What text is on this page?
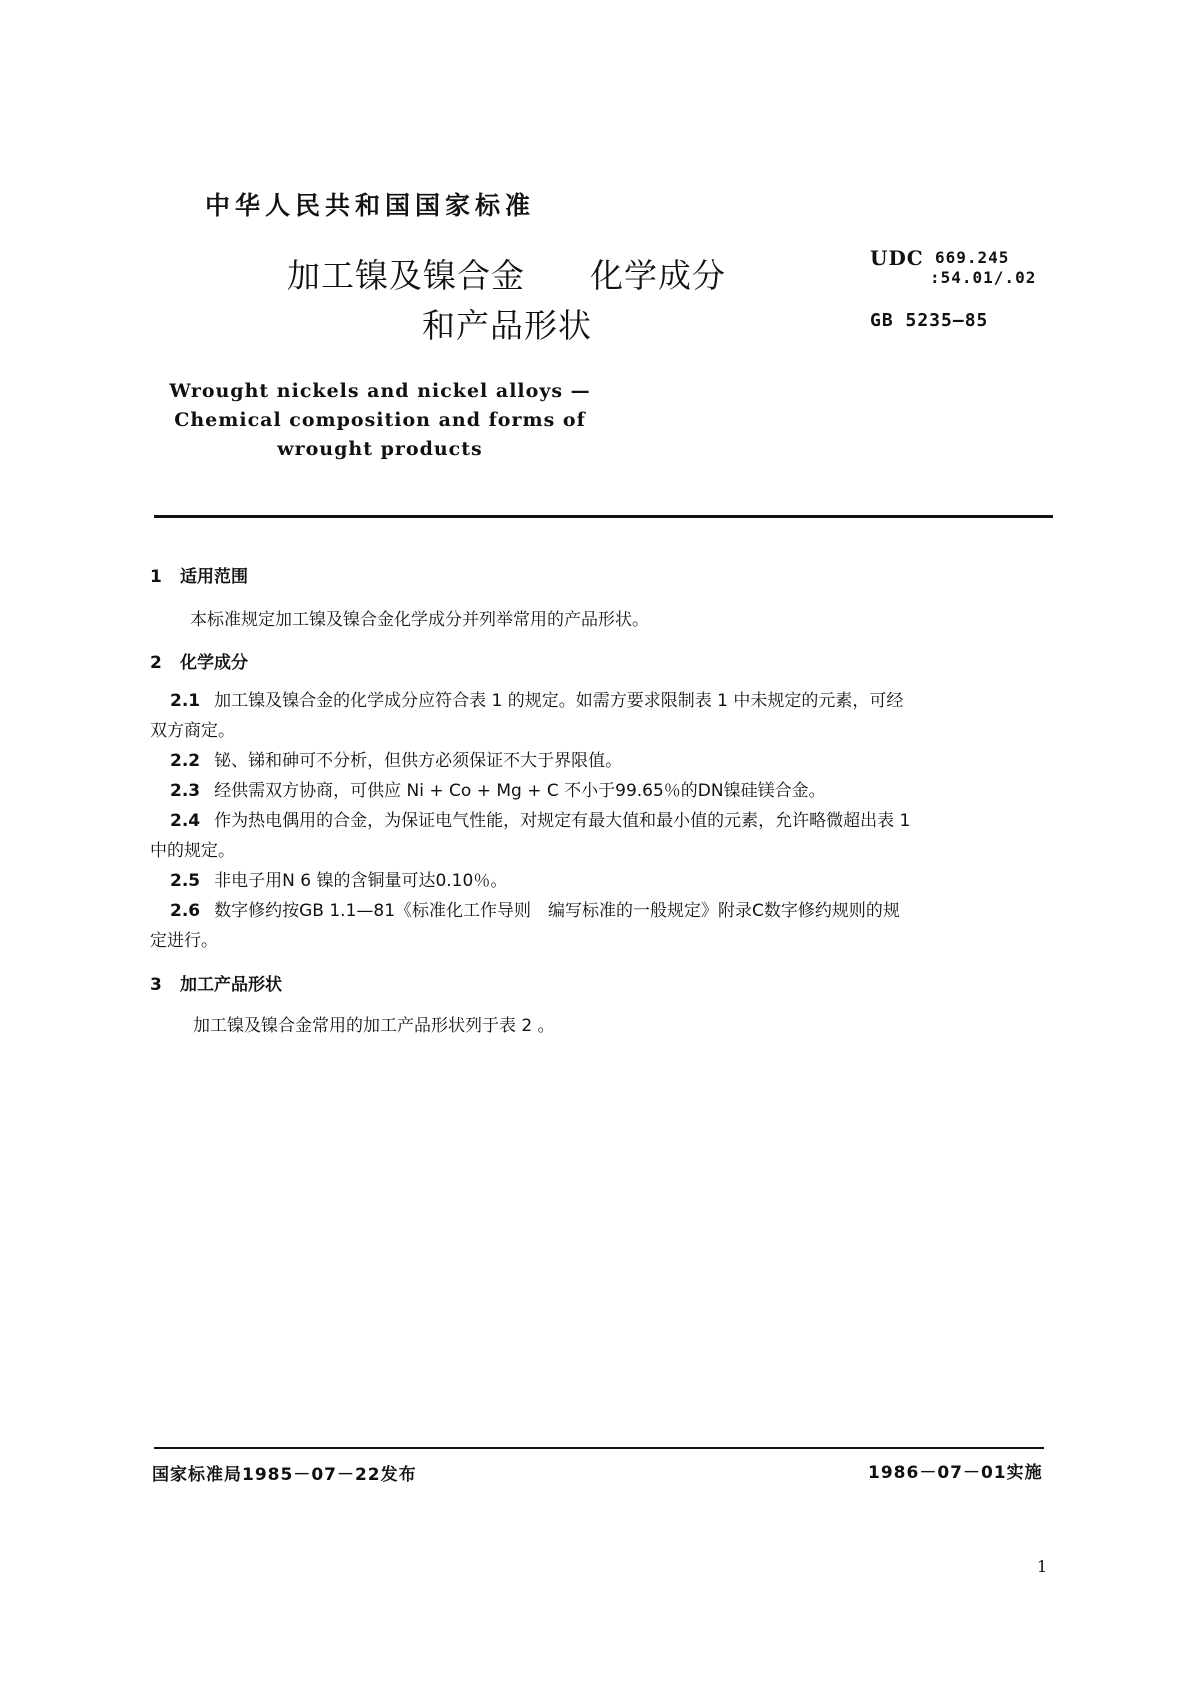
中华人民共和国国家标准
加工镍及镍合金 化学成分
和产品形状
Wrought nickels and nickel alloys —
Chemical composition and forms of
wrought products
UDC 669.245
:54.01/.02
GB 5235—85
1 适用范围
本标准规定加工镍及镍合金化学成分并列举常用的产品形状。
2 化学成分
2.1 加工镍及镍合金的化学成分应符合表 1 的规定。如需方要求限制表 1 中未规定的元素，可经
双方商定。
2.2 铋、锑和砷可不分析，但供方必须保证不大于界限值。
2.3 经供需双方协商，可供应 Ni + Co + Mg + C 不小于99.65％的DN镍硅镁合金。
2.4 作为热电偶用的合金，为保证电气性能，对规定有最大值和最小值的元素，允许略微超出表 1
中的规定。
2.5 非电子用N 6 镍的含铜量可达0.10％。
2.6 数字修约按GB 1.1—81《标准化工作导则　编写标准的一般规定》附录C数字修约规则的规
定进行。
3 加工产品形状
加工镍及镍合金常用的加工产品形状列于表 2 。
国家标准局1985－07－22发布	1986－07－01实施
1
